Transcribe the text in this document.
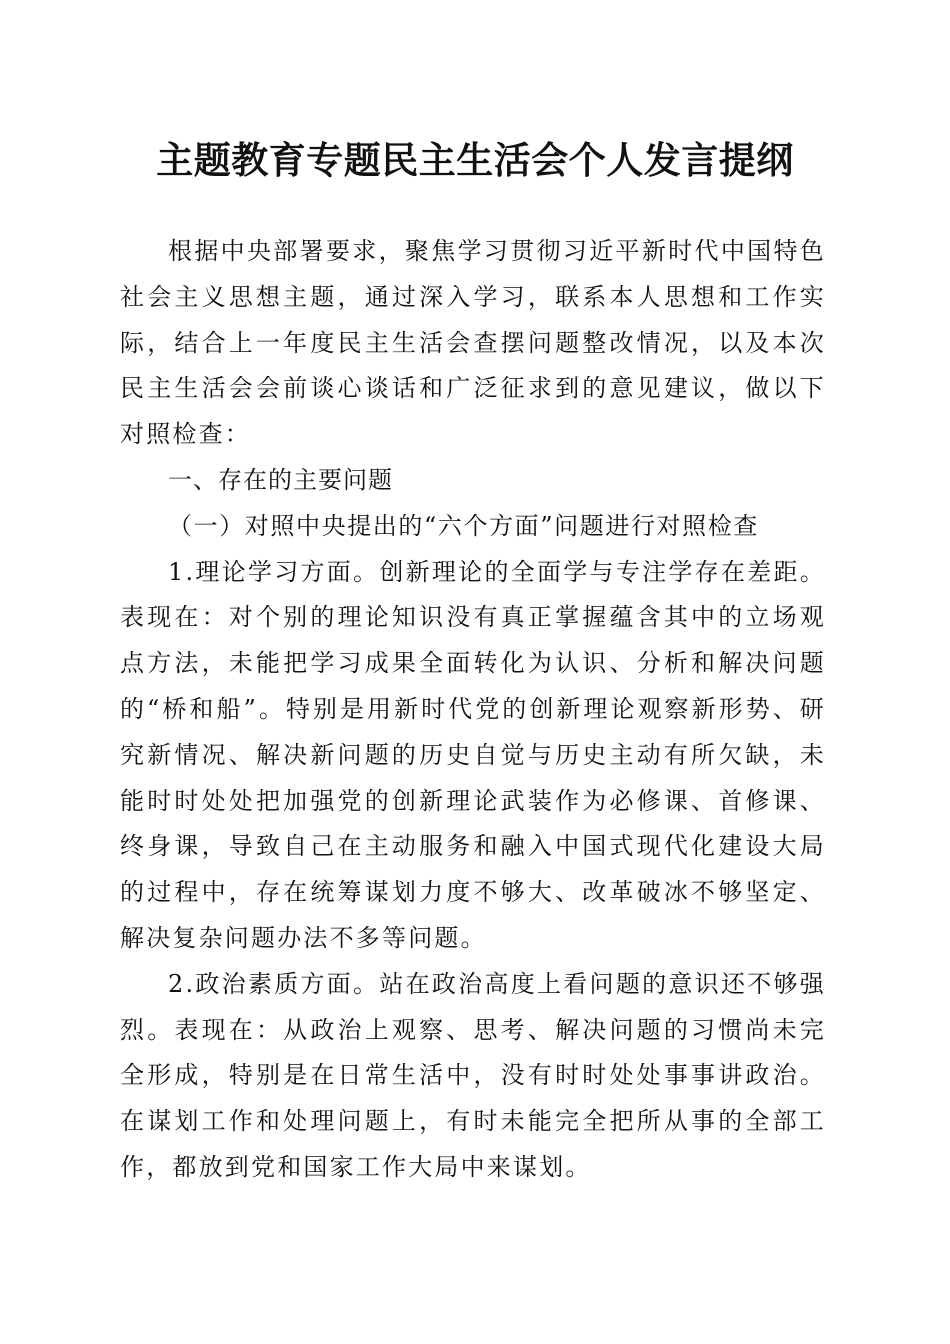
主题教育专题民主生活会个人发言提纲

根据中央部署要求，聚焦学习贯彻习近平新时代中国特色社会主义思想主题，通过深入学习，联系本人思想和工作实际，结合上一年度民主生活会查摆问题整改情况，以及本次民主生活会会前谈心谈话和广泛征求到的意见建议，做以下对照检查：

一、存在的主要问题

（一）对照中央提出的“六个方面”问题进行对照检查

1.理论学习方面。创新理论的全面学与专注学存在差距。表现在：对个别的理论知识没有真正掌握蕴含其中的立场观点方法，未能把学习成果全面转化为认识、分析和解决问题的“桥和船”。特别是用新时代党的创新理论观察新形势、研究新情况、解决新问题的历史自觉与历史主动有所欠缺，未能时时处处把加强党的创新理论武装作为必修课、首修课、终身课，导致自己在主动服务和融入中国式现代化建设大局的过程中，存在统筹谋划力度不够大、改革破冰不够坚定、解决复杂问题办法不多等问题。

2.政治素质方面。站在政治高度上看问题的意识还不够强烈。表现在：从政治上观察、思考、解决问题的习惯尚未完全形成，特别是在日常生活中，没有时时处处事事讲政治。在谋划工作和处理问题上，有时未能完全把所从事的全部工作，都放到党和国家工作大局中来谋划。
